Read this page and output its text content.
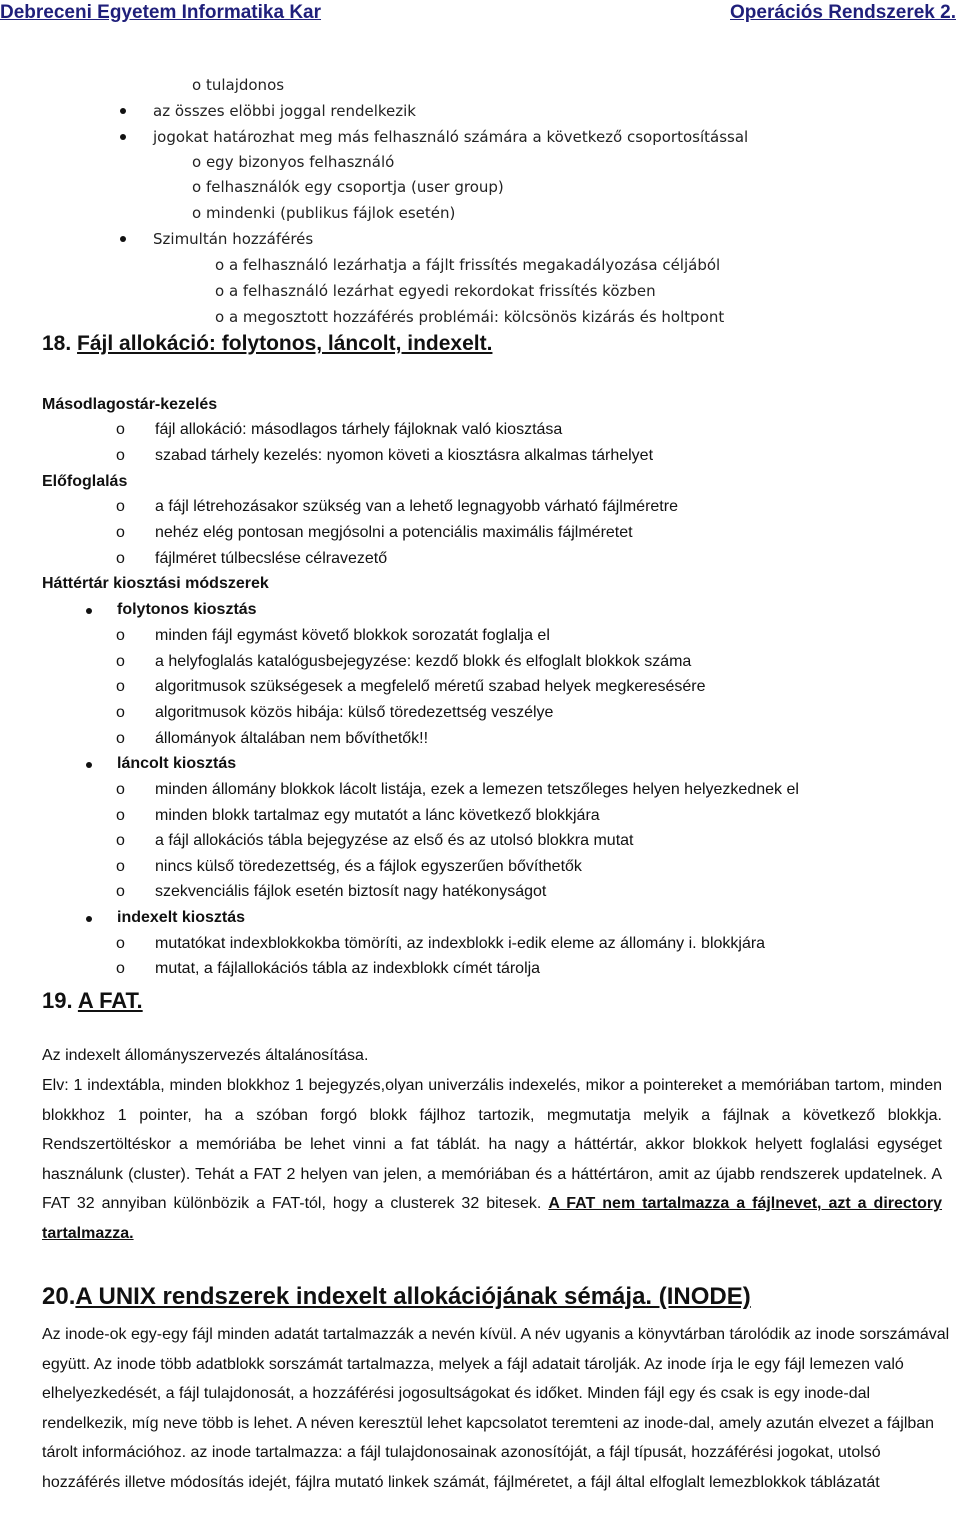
Debreceni Egyetem Informatika Kar	Operációs Rendszerek 2.
o tulajdonos
az összes elöbbi joggal rendelkezik
jogokat határozhat meg más felhasználó számára a következő csoportosítással
o egy bizonyos felhasználó
o felhasználók egy csoportja (user group)
o mindenki (publikus fájlok esetén)
Szimultán hozzáférés
o a felhasználó lezárhatja a fájlt frissítés megakadályozása céljából
o a felhasználó lezárhat egyedi rekordokat frissítés közben
o a megosztott hozzáférés problémái: kölcsönös kizárás és holtpont
18. Fájl allokáció: folytonos, láncolt, indexelt.
Másodlagostár-kezelés
o fájl allokáció: másodlagos tárhely fájloknak való kiosztása
o szabad tárhely kezelés: nyomon követi a kiosztásra alkalmas tárhelyet
Előfoglalás
o a fájl létrehozásakor szükség van a lehető legnagyobb várható fájlméretre
o nehéz elég pontosan megjósolni a potenciális maximális fájlméretet
o fájlméret túlbecslése célravezető
Háttértár kiosztási módszerek
folytonos kiosztás
o minden fájl egymást követő blokkok sorozatát foglalja el
o a helyfoglalás katalógusbejegyzése: kezdő blokk és elfoglalt blokkok száma
o algoritmusok szükségesek a megfelelő méretű szabad helyek megkeresésére
o algoritmusok közös hibája: külső töredezettség veszélye
o állományok általában nem bővíthetők!!
láncolt kiosztás
o minden állomány blokkok lácolt listája, ezek a lemezen tetszőleges helyen helyezkednek el
o minden blokk tartalmaz egy mutatót a lánc következő blokkjára
o a fájl allokációs tábla bejegyzése az első és az utolsó blokkra mutat
o nincs külső töredezettség, és a fájlok egyszerűen bővíthetők
o szekvenciális fájlok esetén biztosít nagy hatékonyságot
indexelt kiosztás
o mutatókat indexblokkokba tömöríti, az indexblokk i-edik eleme az állomány i. blokkjára
o mutat, a fájlallokációs tábla az indexblokk címét tárolja
19. A FAT.
Az indexelt állományszervezés általánosítása.
Elv: 1 indextábla, minden blokkhoz 1 bejegyzés,olyan univerzális indexelés, mikor a pointereket a memóriában tartom, minden blokkhoz 1 pointer, ha a szóban forgó blokk fájlhoz tartozik, megmutatja melyik a fájlnak a következő blokkja. Rendszertöltéskor a memóriába be lehet vinni a fat táblát. ha nagy a háttértár, akkor blokkok helyett foglalási egységet használunk (cluster). Tehát a FAT 2 helyen van jelen, a memóriában és a háttértáron, amit az újabb rendszerek updatelnek. A FAT 32 annyiban különbözik a FAT-tól, hogy a clusterek 32 bitesek. A FAT nem tartalmazza a fájlnevet, azt a directory tartalmazza.
20.A UNIX rendszerek indexelt allokációjának sémája. (INODE)
Az inode-ok egy-egy fájl minden adatát tartalmazzák a nevén kívül. A név ugyanis a könyvtárban tárolódik az inode sorszámával együtt. Az inode több adatblokk sorszámát tartalmazza, melyek a fájl adatait tárolják. Az inode írja le egy fájl lemezen való elhelyezkedését, a fájl tulajdonosát, a hozzáférési jogosultságokat és időket. Minden fájl egy és csak is egy inode-dal rendelkezik, míg neve több is lehet. A néven keresztül lehet kapcsolatot teremteni az inode-dal, amely azután elvezet a fájlban tárolt információhoz. az inode tartalmazza: a fájl tulajdonosainak azonosítóját, a fájl típusát, hozzáférési jogokat, utolsó hozzáférés illetve módosítás idejét, fájlra mutató linkek számát, fájlméretet, a fájl által elfoglalt lemezblokkok táblázatát
